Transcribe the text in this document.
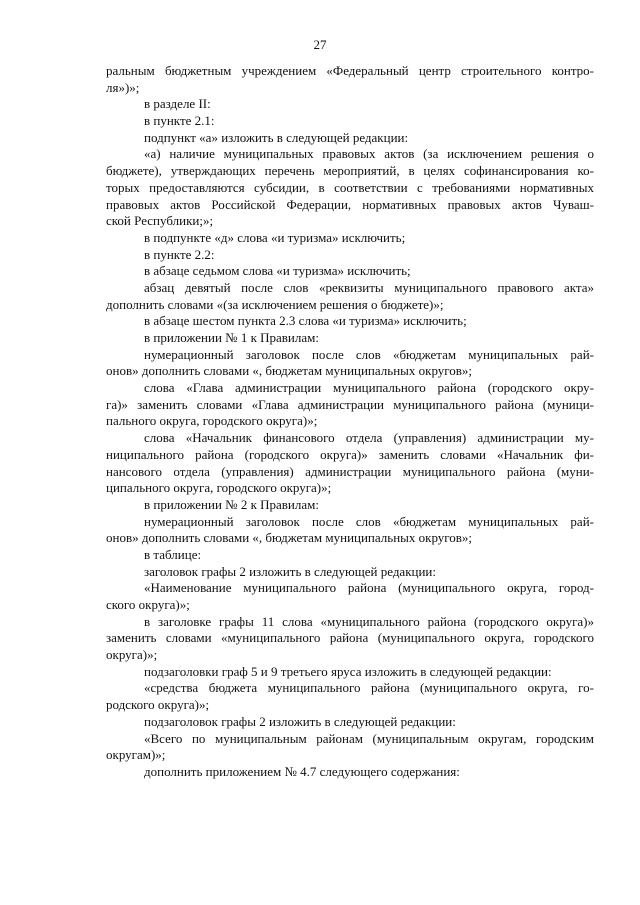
27
ральным бюджетным учреждением «Федеральный центр строительного контро-
ля»)»;
в разделе II:
в пункте 2.1:
подпункт «а» изложить в следующей редакции:
«а) наличие муниципальных правовых актов (за исключением решения о
бюджете), утверждающих перечень мероприятий, в целях софинансирования ко-
торых предоставляются субсидии, в соответствии с требованиями нормативных
правовых актов Российской Федерации, нормативных правовых актов Чуваш-
ской Республики;»;
в подпункте «д» слова «и туризма» исключить;
в пункте 2.2:
в абзаце седьмом слова «и туризма» исключить;
абзац девятый после слов «реквизиты муниципального правового акта»
дополнить словами «(за исключением решения о бюджете)»;
в абзаце шестом пункта 2.3 слова «и туризма» исключить;
в приложении № 1 к Правилам:
нумерационный заголовок после слов «бюджетам муниципальных рай-
онов» дополнить словами «, бюджетам муниципальных округов»;
слова «Глава администрации муниципального района (городского окру-
га)» заменить словами «Глава администрации муниципального района (муници-
пального округа, городского округа)»;
слова «Начальник финансового отдела (управления) администрации му-
ниципального района (городского округа)» заменить словами «Начальник фи-
нансового отдела (управления) администрации муниципального района (муни-
ципального округа, городского округа)»;
в приложении № 2 к Правилам:
нумерационный заголовок после слов «бюджетам муниципальных рай-
онов» дополнить словами «, бюджетам муниципальных округов»;
в таблице:
заголовок графы 2 изложить в следующей редакции:
«Наименование муниципального района (муниципального округа, город-
ского округа)»;
в заголовке графы 11 слова «муниципального района (городского округа)»
заменить словами «муниципального района (муниципального округа, городского
округа)»;
подзаголовки граф 5 и 9 третьего яруса изложить в следующей редакции:
«средства бюджета муниципального района (муниципального округа, го-
родского округа)»;
подзаголовок графы 2 изложить в следующей редакции:
«Всего по муниципальным районам (муниципальным округам, городским
округам)»;
дополнить приложением № 4.7 следующего содержания:
